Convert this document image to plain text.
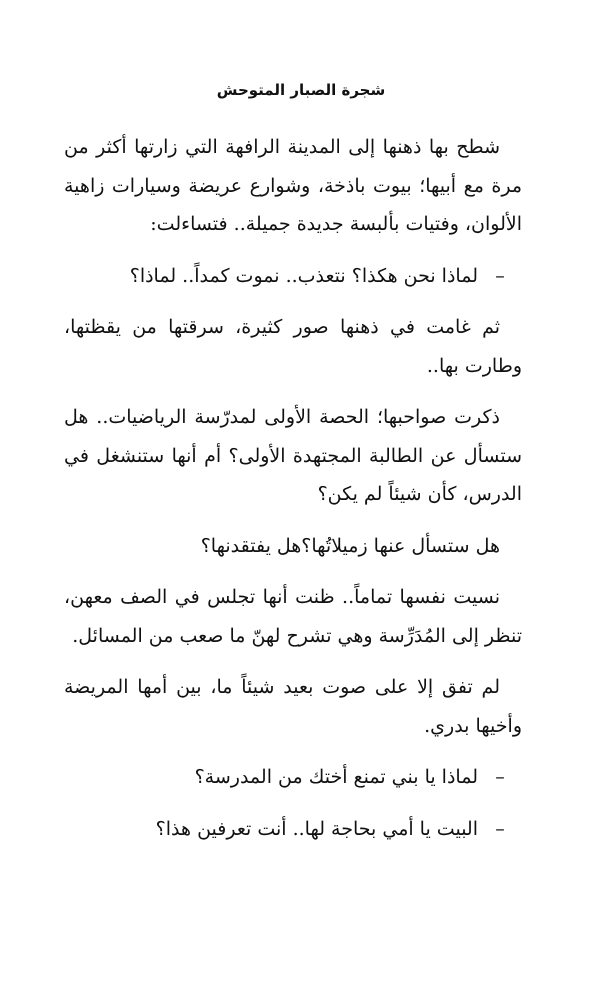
شجرة الصبار المتوحش

شطح بها ذهنها إلى المدينة الرافهة التي زارتها أكثر من مرة مع أبيها؛ بيوت باذخة، وشوارع عريضة وسيارات زاهية الألوان، وفتيات بألبسة جديدة جميلة.. فتساءلت:

–لماذا نحن هكذا؟ نتعذب.. نموت كمداً.. لماذا؟

ثم غامت في ذهنها صور كثيرة، سرقتها من يقظتها، وطارت بها..

ذكرت صواحبها؛ الحصة الأولى لمدرّسة الرياضيات.. هل ستسأل عن الطالبة المجتهدة الأولى؟ أم أنها ستنشغل في الدرس، كأن شيئاً لم يكن؟

هل ستسأل عنها زميلاتُها؟هل يفتقدنها؟

نسيت نفسها تماماً.. ظنت أنها تجلس في الصف معهن، تنظر إلى المُدَرِّسة وهي تشرح لهنّ ما صعب من المسائل.

لم تفق إلا على صوت بعيد شيئاً ما، بين أمها المريضة وأخيها بدري.

–لماذا يا بني تمنع أختك من المدرسة؟

–البيت يا أمي بحاجة لها.. أنت تعرفين هذا؟
